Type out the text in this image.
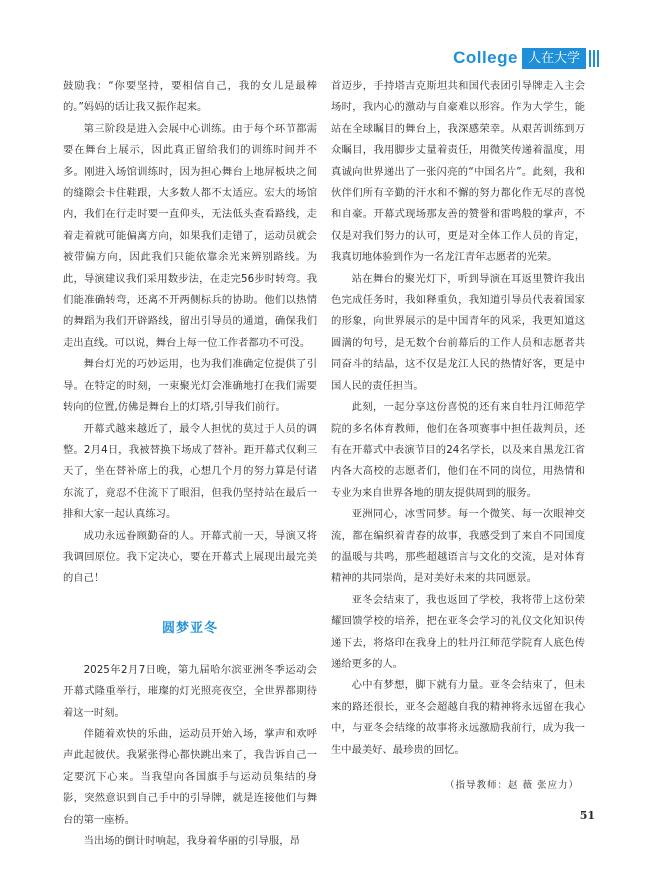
College 人在大学

鼓励我：“你要坚持，要相信自己，我的女儿是最棒的。”妈妈的话让我又振作起来。

第三阶段是进入会展中心训练。由于每个环节都需要在舞台上展示，因此真正留给我们的训练时间并不多。刚进入场馆训练时，因为担心舞台上地屏板块之间的缝隙会卡住鞋跟，大多数人都不太适应。宏大的场馆内，我们在行走时要一直仰头，无法低头查看路线，走着走着就可能偏离方向，如果我们走错了，运动员就会被带偏方向，因此我们只能依靠余光来辨别路线。为此，导演建议我们采用数步法，在走完56步时转弯。我们能准确转弯，还离不开两侧标兵的协助。他们以热情的舞蹈为我们开辟路线，留出引导员的通道，确保我们走出直线。可以说，舞台上每一位工作者都功不可没。

舞台灯光的巧妙运用，也为我们准确定位提供了引导。在特定的时刻，一束聚光灯会准确地打在我们需要转向的位置,仿佛是舞台上的灯塔,引导我们前行。

开幕式越来越近了，最令人担忧的莫过于人员的调整。2月4日，我被替换下场成了替补。距开幕式仅剩三天了，坐在替补席上的我，心想几个月的努力算是付诸东流了，竟忍不住流下了眼泪，但我仍坚持站在最后一排和大家一起认真练习。

成功永远眷顾勤奋的人。开幕式前一天，导演又将我调回原位。我下定决心，要在开幕式上展现出最完美的自己！

圆梦亚冬

2025年2月7日晚，第九届哈尔滨亚洲冬季运动会开幕式隆重举行，璀璨的灯光照亮夜空，全世界都期待着这一时刻。

伴随着欢快的乐曲，运动员开始入场，掌声和欢呼声此起彼伏。我紧张得心都快跳出来了，我告诉自己一定要沉下心来。当我望向各国旗手与运动员集结的身影，突然意识到自己手中的引导牌，就是连接他们与舞台的第一座桥。

当出场的倒计时响起，我身着华丽的引导服，昂

首迈步，手持塔吉克斯坦共和国代表团引导牌走入主会场时，我内心的激动与自豪难以形容。作为大学生，能站在全球瞩目的舞台上，我深感荣幸。从艰苦训练到万众瞩目，我用脚步丈量着责任，用微笑传递着温度，用真诚向世界递出了一张闪亮的“中国名片”。此刻，我和伙伴们所有辛勤的汗水和不懈的努力都化作无尽的喜悦和自豪。开幕式现场那友善的赞誉和雷鸣般的掌声，不仅是对我们努力的认可，更是对全体工作人员的肯定，我真切地体验到作为一名龙江青年志愿者的光荣。

站在舞台的聚光灯下，听到导演在耳返里赞许我出色完成任务时，我如释重负，我知道引导员代表着国家的形象，向世界展示的是中国青年的风采，我更知道这圆满的句号，是无数个台前幕后的工作人员和志愿者共同奋斗的结晶，这不仅是龙江人民的热情好客，更是中国人民的责任担当。

此刻，一起分享这份喜悦的还有来自牡丹江师范学院的多名体育教师，他们在各项赛事中担任裁判员，还有在开幕式中表演节目的24名学长，以及来自黑龙江省内各大高校的志愿者们，他们在不同的岗位，用热情和专业为来自世界各地的朋友提供周到的服务。

亚洲同心，冰雪同梦。每一个微笑、每一次眼神交流，都在编织着青春的故事，我感受到了来自不同国度的温暖与共鸣，那些超越语言与文化的交流，是对体育精神的共同崇尚，是对美好未来的共同愿景。

亚冬会结束了，我也返回了学校，我将带上这份荣耀回馈学校的培养，把在亚冬会学习的礼仪文化知识传递下去，将烙印在我身上的牡丹江师范学院育人底色传递给更多的人。

心中有梦想，脚下就有力量。亚冬会结束了，但未来的路还很长，亚冬会超越自我的精神将永远留在我心中，与亚冬会结缘的故事将永远激励我前行，成为我一生中最美好、最珍贵的回忆。

（指导教师：赵 薇 张应力）
51
